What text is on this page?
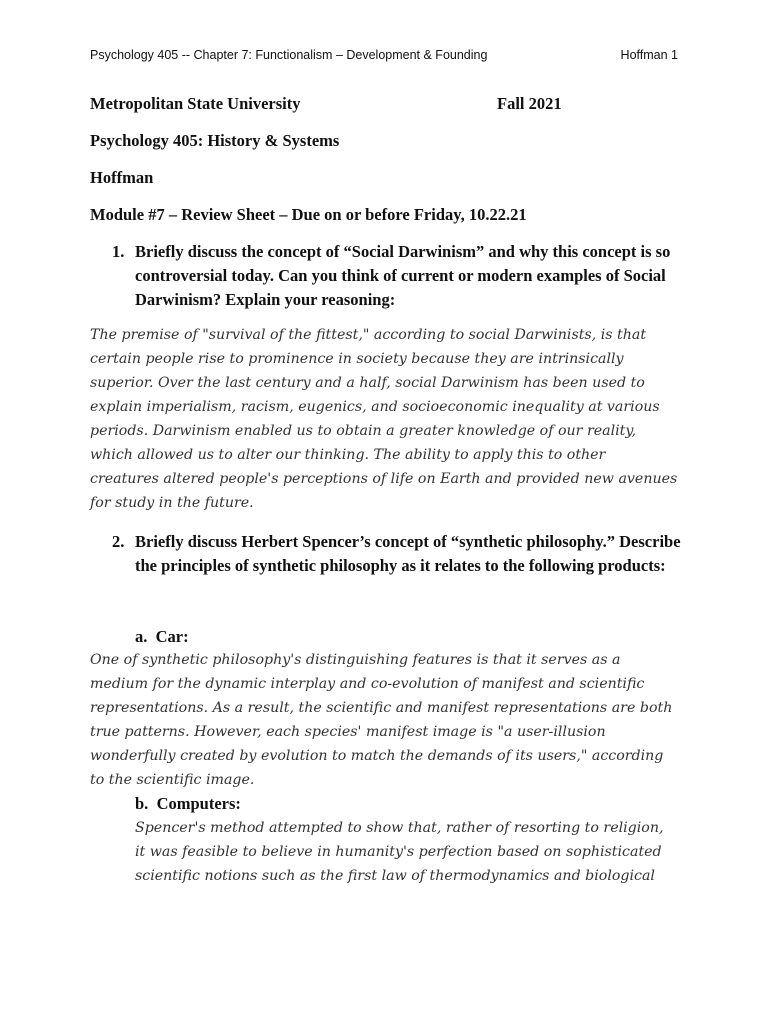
Psychology 405 -- Chapter 7: Functionalism – Development & Founding	Hoffman 1
Metropolitan State University	Fall 2021
Psychology 405: History & Systems
Hoffman
Module #7 – Review Sheet – Due on or before Friday, 10.22.21
1. Briefly discuss the concept of “Social Darwinism” and why this concept is so controversial today. Can you think of current or modern examples of Social Darwinism? Explain your reasoning:
The premise of "survival of the fittest," according to social Darwinists, is that certain people rise to prominence in society because they are intrinsically superior. Over the last century and a half, social Darwinism has been used to explain imperialism, racism, eugenics, and socioeconomic inequality at various periods. Darwinism enabled us to obtain a greater knowledge of our reality, which allowed us to alter our thinking. The ability to apply this to other creatures altered people's perceptions of life on Earth and provided new avenues for study in the future.
2. Briefly discuss Herbert Spencer’s concept of “synthetic philosophy.” Describe the principles of synthetic philosophy as it relates to the following products:
a. Car:
One of synthetic philosophy's distinguishing features is that it serves as a medium for the dynamic interplay and co-evolution of manifest and scientific representations. As a result, the scientific and manifest representations are both true patterns. However, each species' manifest image is "a user-illusion wonderfully created by evolution to match the demands of its users," according to the scientific image.
b. Computers:
Spencer's method attempted to show that, rather of resorting to religion, it was feasible to believe in humanity's perfection based on sophisticated scientific notions such as the first law of thermodynamics and biological
